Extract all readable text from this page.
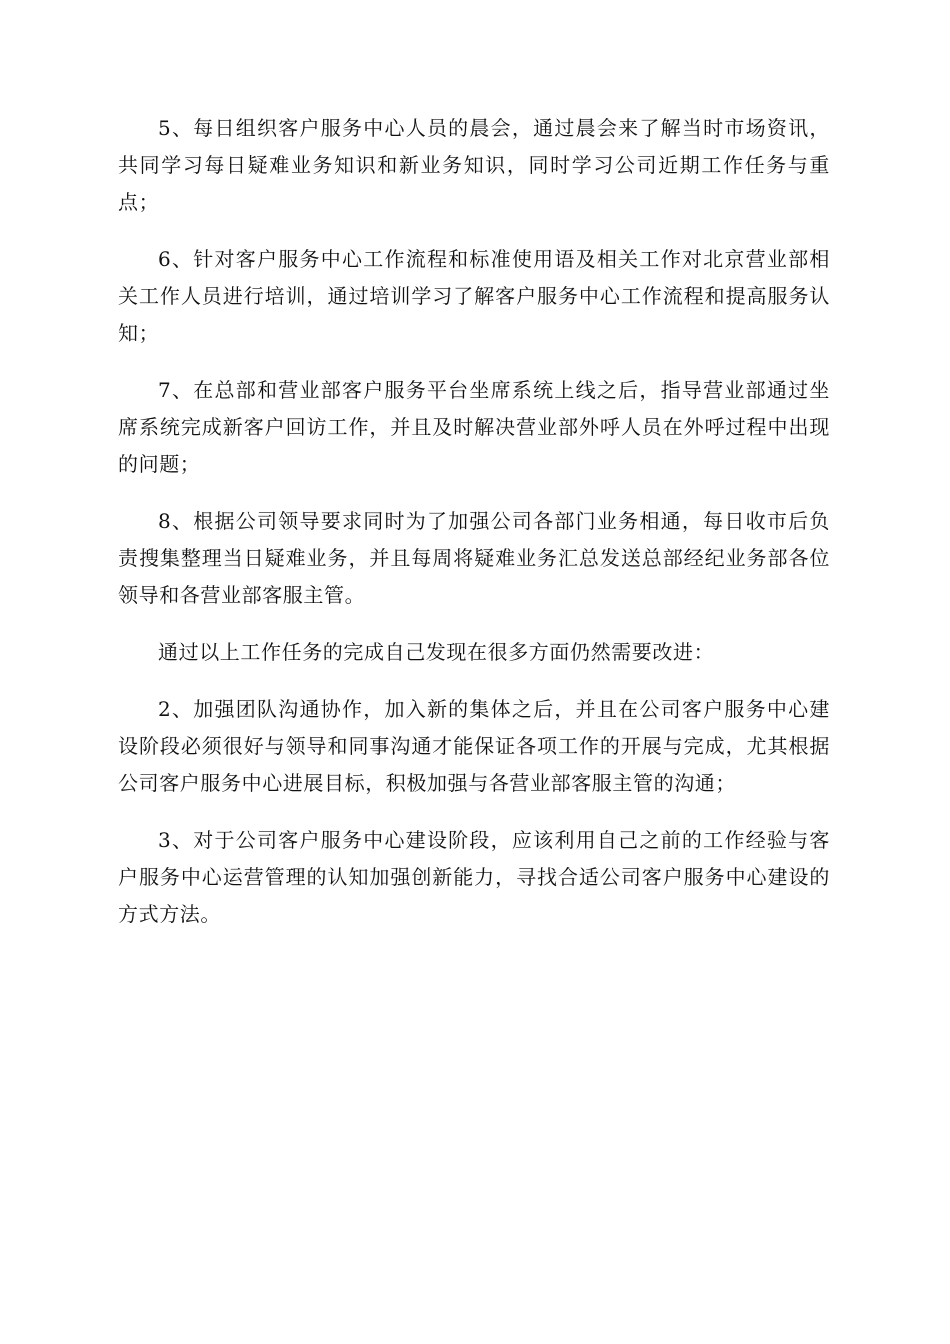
5、每日组织客户服务中心人员的晨会，通过晨会来了解当时市场资讯，共同学习每日疑难业务知识和新业务知识，同时学习公司近期工作任务与重点；

6、针对客户服务中心工作流程和标准使用语及相关工作对北京营业部相关工作人员进行培训，通过培训学习了解客户服务中心工作流程和提高服务认知；

7、在总部和营业部客户服务平台坐席系统上线之后，指导营业部通过坐席系统完成新客户回访工作，并且及时解决营业部外呼人员在外呼过程中出现的问题；

8、根据公司领导要求同时为了加强公司各部门业务相通，每日收市后负责搜集整理当日疑难业务，并且每周将疑难业务汇总发送总部经纪业务部各位领导和各营业部客服主管。

通过以上工作任务的完成自己发现在很多方面仍然需要改进：

2、加强团队沟通协作，加入新的集体之后，并且在公司客户服务中心建设阶段必须很好与领导和同事沟通才能保证各项工作的开展与完成，尤其根据公司客户服务中心进展目标，积极加强与各营业部客服主管的沟通；

3、对于公司客户服务中心建设阶段，应该利用自己之前的工作经验与客户服务中心运营管理的认知加强创新能力，寻找合适公司客户服务中心建设的方式方法。
